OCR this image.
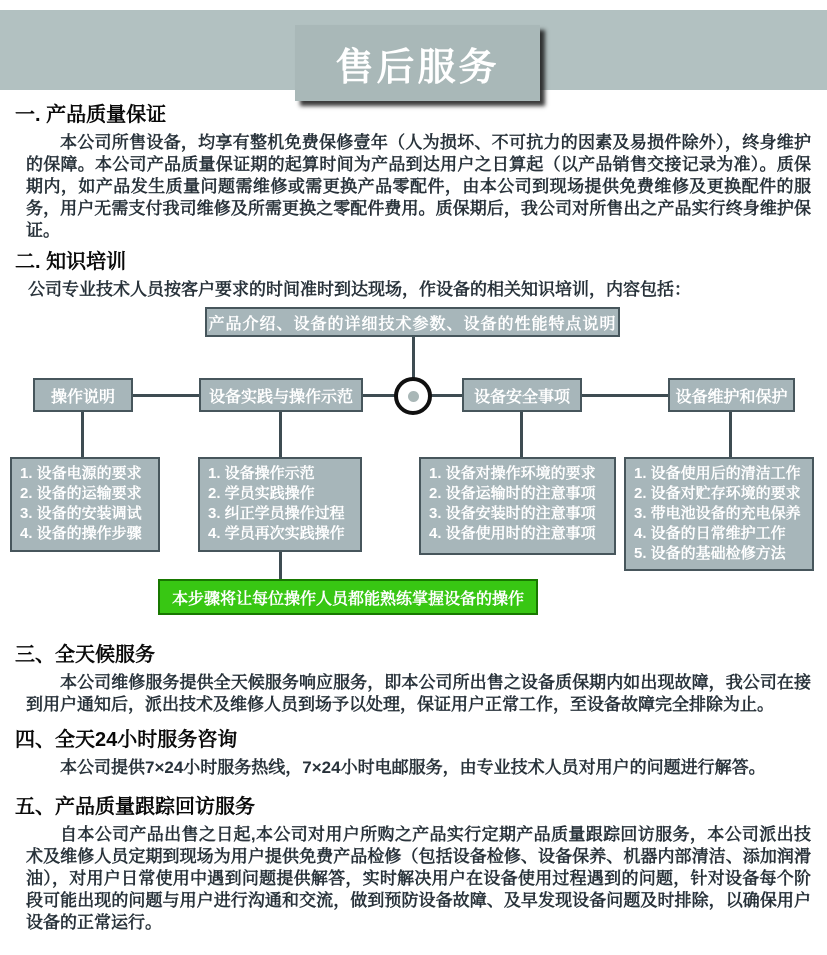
售后服务
一. 产品质量保证

本公司所售设备，均享有整机免费保修壹年（人为损坏、不可抗力的因素及易损件除外），终身维护的保障。本公司产品质量保证期的起算时间为产品到达用户之日算起（以产品销售交接记录为准）。质保期内，如产品发生质量问题需维修或需更换产品零配件，由本公司到现场提供免费维修及更换配件的服务，用户无需支付我司维修及所需更换之零配件费用。质保期后，我公司对所售出之产品实行终身维护保证。

二. 知识培训

公司专业技术人员按客户要求的时间准时到达现场，作设备的相关知识培训，内容包括：

产品介绍、设备的详细技术参数、设备的性能特点说明
操作说明	设备实践与操作示范	设备安全事项	设备维护和保护
1. 设备电源的要求
2. 设备的运输要求
3. 设备的安装调试
4. 设备的操作步骤
1. 设备操作示范
2. 学员实践操作
3. 纠正学员操作过程
4. 学员再次实践操作
1. 设备对操作环境的要求
2. 设备运输时的注意事项
3. 设备安装时的注意事项
4. 设备使用时的注意事项
1. 设备使用后的清洁工作
2. 设备对贮存环境的要求
3. 带电池设备的充电保养
4. 设备的日常维护工作
5. 设备的基础检修方法
本步骤将让每位操作人员都能熟练掌握设备的操作
三、全天候服务

本公司维修服务提供全天候服务响应服务，即本公司所出售之设备质保期内如出现故障，我公司在接到用户通知后，派出技术及维修人员到场予以处理，保证用户正常工作，至设备故障完全排除为止。

四、全天24小时服务咨询

本公司提供7×24小时服务热线，7×24小时电邮服务，由专业技术人员对用户的问题进行解答。

五、产品质量跟踪回访服务

自本公司产品出售之日起,本公司对用户所购之产品实行定期产品质量跟踪回访服务，本公司派出技术及维修人员定期到现场为用户提供免费产品检修（包括设备检修、设备保养、机器内部清洁、添加润滑油），对用户日常使用中遇到问题提供解答，实时解决用户在设备使用过程遇到的问题，针对设备每个阶段可能出现的问题与用户进行沟通和交流，做到预防设备故障、及早发现设备问题及时排除，以确保用户设备的正常运行。
